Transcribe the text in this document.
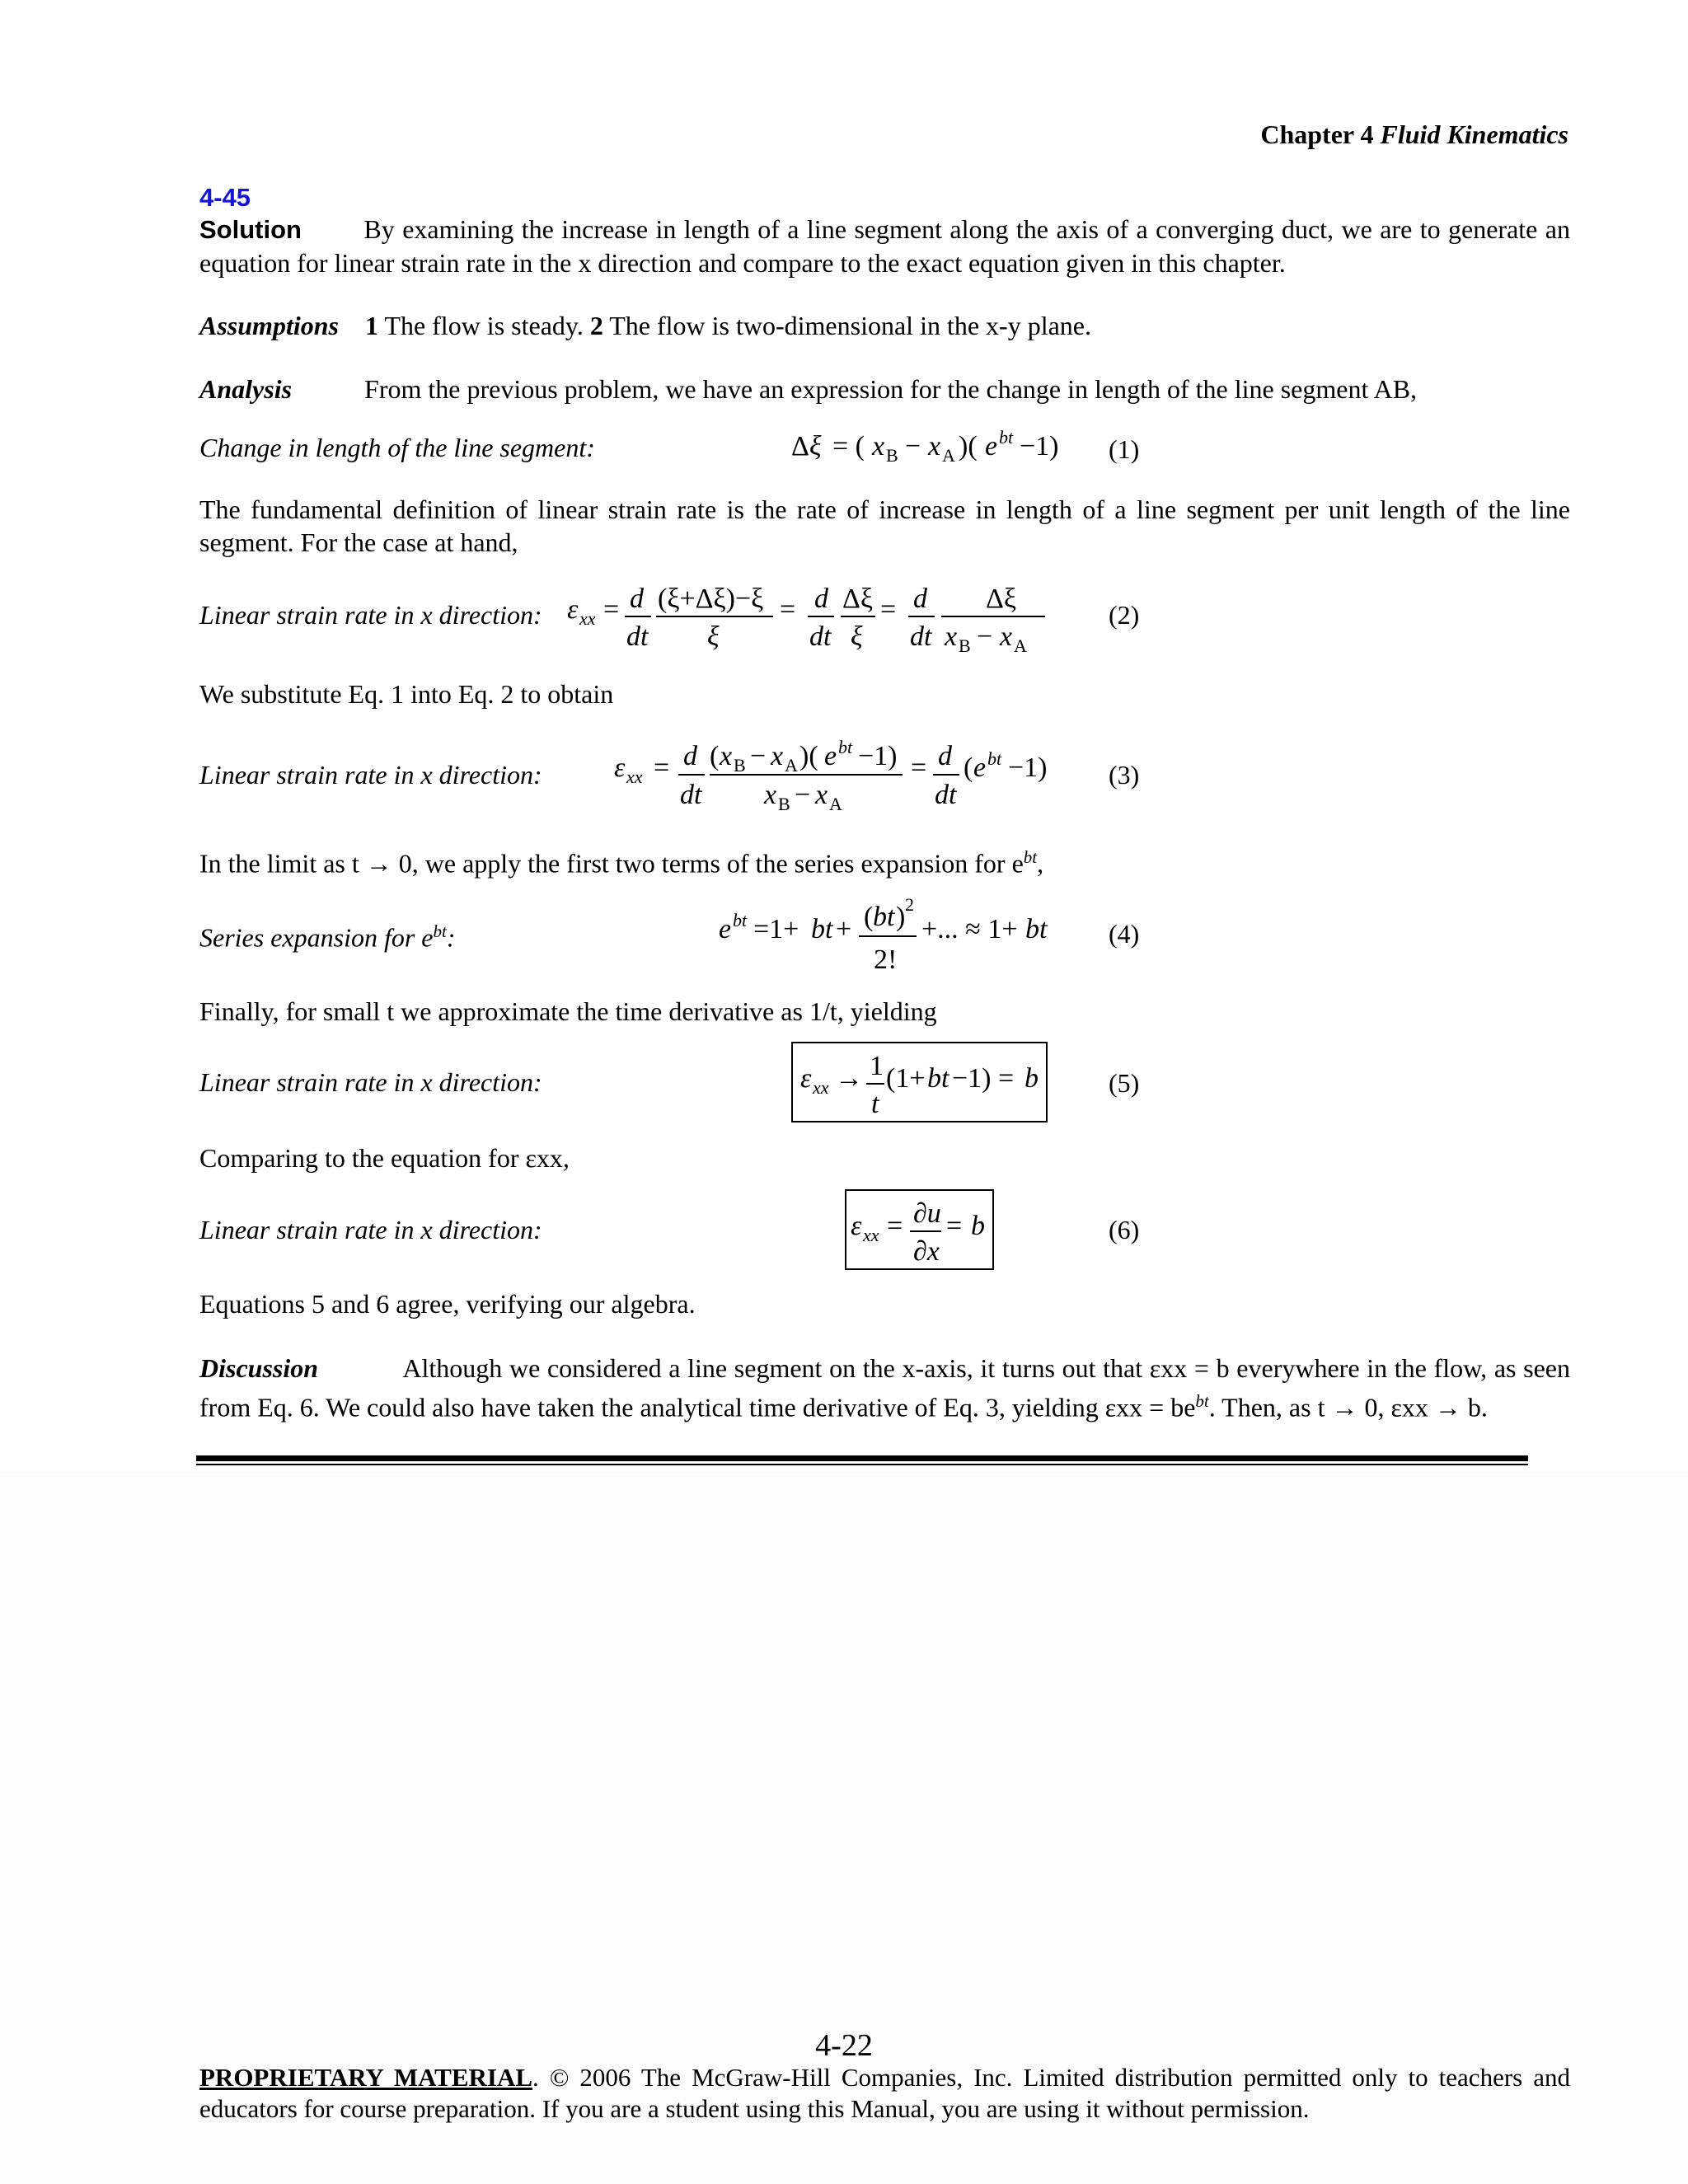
Chapter 4 Fluid Kinematics
4-45
Solution By examining the increase in length of a line segment along the axis of a converging duct, we are to generate an equation for linear strain rate in the x direction and compare to the exact equation given in this chapter.
Assumptions 1 The flow is steady. 2 The flow is two-dimensional in the x-y plane.
Analysis	From the previous problem, we have an expression for the change in length of the line segment AB,
Change in length of the line segment:	Δ ξ = ( x B − x A )( e bt −1) (1)
The fundamental definition of linear strain rate is the rate of increase in length of a line segment per unit length of the line segment. For the case at hand,
Linear strain rate in x direction: ε xx = d
dt
(ξ+Δξ)−ξ
ξ
= d
dt
Δξ
ξ
= d
dt
Δξ
x B − x A
(2)
We substitute Eq. 1 into Eq. 2 to obtain
Linear strain rate in x direction:	ε xx = d
dt
( x B − x A )( e bt −1)
x B − x A
= d
dt
( e bt −1) (3)
In the limit as t → 0, we apply the first two terms of the series expansion for $e^{bt}$,
Series expansion for $e^{bt}$:	e bt =1+ bt + ( bt ) 2
2!
+... ≈ 1+ bt (4)
Finally, for small t we approximate the time derivative as 1/t, yielding
Linear strain rate in x direction:	ε xx → 1
t
(1+ bt −1) = b	(5)
Comparing to the equation for εxx,
Linear strain rate in x direction:	ε xx = ∂u
∂x
= b	(6)
Equations 5 and 6 agree, verifying our algebra.
Discussion	Although we considered a line segment on the x-axis, it turns out that εxx = b everywhere in the flow, as seen from Eq. 6. We could also have taken the analytical time derivative of Eq. 3, yielding $\varepsilon xx = be^{bt}$. Then, as t → 0, εxx → b.
4-22
PROPRIETARY MATERIAL. © 2006 The McGraw-Hill Companies, Inc. Limited distribution permitted only to teachers and educators for course preparation. If you are a student using this Manual, you are using it without permission.
